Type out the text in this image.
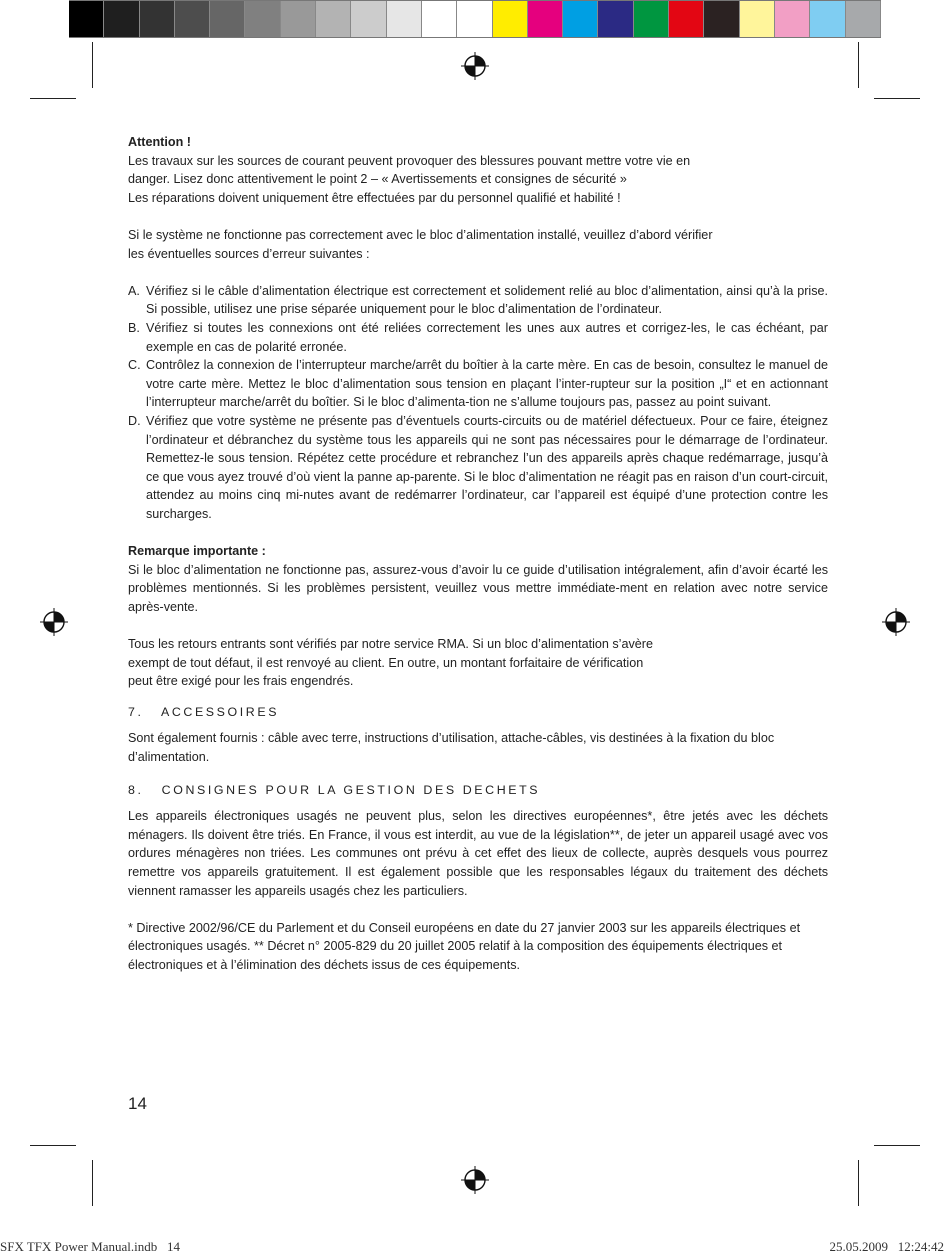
Attention !

Les travaux sur les sources de courant peuvent provoquer des blessures pouvant mettre votre vie en

danger. Lisez donc attentivement le point 2 – « Avertissements et consignes de sécurité »

Les réparations doivent uniquement être effectuées par du personnel qualifié et habilité !

Si le système ne fonctionne pas correctement avec le bloc d’alimentation installé, veuillez d’abord vérifier

les éventuelles sources d’erreur suivantes :

A. Vérifiez si le câble d’alimentation électrique est correctement et solidement relié au bloc d’alimentation, ainsi qu’à la prise. Si possible, utilisez une prise séparée uniquement pour le bloc d’alimentation de l’ordinateur.
B. Vérifiez si toutes les connexions ont été reliées correctement les unes aux autres et corrigez-les, le cas échéant, par exemple en cas de polarité erronée.
C. Contrôlez la connexion de l’interrupteur marche/arrêt du boîtier à la carte mère. En cas de besoin, consultez le manuel de votre carte mère. Mettez le bloc d’alimentation sous tension en plaçant l’inter-rupteur sur la position „I“ et en actionnant l’interrupteur marche/arrêt du boîtier. Si le bloc d’alimenta-tion ne s’allume toujours pas, passez au point suivant.
D. Vérifiez que votre système ne présente pas d’éventuels courts-circuits ou de matériel défectueux. Pour ce faire, éteignez l’ordinateur et débranchez du système tous les appareils qui ne sont pas nécessaires pour le démarrage de l’ordinateur. Remettez-le sous tension. Répétez cette procédure et rebranchez l’un des appareils après chaque redémarrage, jusqu’à ce que vous ayez trouvé d’où vient la panne ap-parente. Si le bloc d’alimentation ne réagit pas en raison d’un court-circuit, attendez au moins cinq mi-nutes avant de redémarrer l’ordinateur, car l’appareil est équipé d’une protection contre les surcharges.

Remarque importante :

Si le bloc d’alimentation ne fonctionne pas, assurez-vous d’avoir lu ce guide d’utilisation intégralement, afin d’avoir écarté les problèmes mentionnés. Si les problèmes persistent, veuillez vous mettre immédiate-ment en relation avec notre service après-vente.

Tous les retours entrants sont vérifiés par notre service RMA. Si un bloc d’alimentation s’avère

exempt de tout défaut, il est renvoyé au client. En outre, un montant forfaitaire de vérification

peut être exigé pour les frais engendrés.

7.   ACCESSOIRES

Sont également fournis : câble avec terre, instructions d’utilisation, attache-câbles, vis destinées à la fixation du bloc d’alimentation.

8.   CONSIGNES POUR LA GESTION DES DECHETS

Les appareils électroniques usagés ne peuvent plus, selon les directives européennes*, être jetés avec les déchets ménagers. Ils doivent être triés. En France, il vous est interdit, au vue de la législation**, de jeter un appareil usagé avec vos ordures ménagères non triées. Les communes ont prévu à cet effet des lieux de collecte, auprès desquels vous pourrez remettre vos appareils gratuitement. Il est également possible que les responsables légaux du traitement des déchets viennent ramasser les appareils usagés chez les particuliers.

* Directive 2002/96/CE du Parlement et du Conseil européens en date du 27 janvier 2003 sur les appareils électriques et électroniques usagés. ** Décret n° 2005-829 du 20 juillet 2005 relatif à la composition des équipements électriques et électroniques et à l’élimination des déchets issus de ces équipements.

14
SFX TFX Power Manual.indb   14	25.05.2009   12:24:42
